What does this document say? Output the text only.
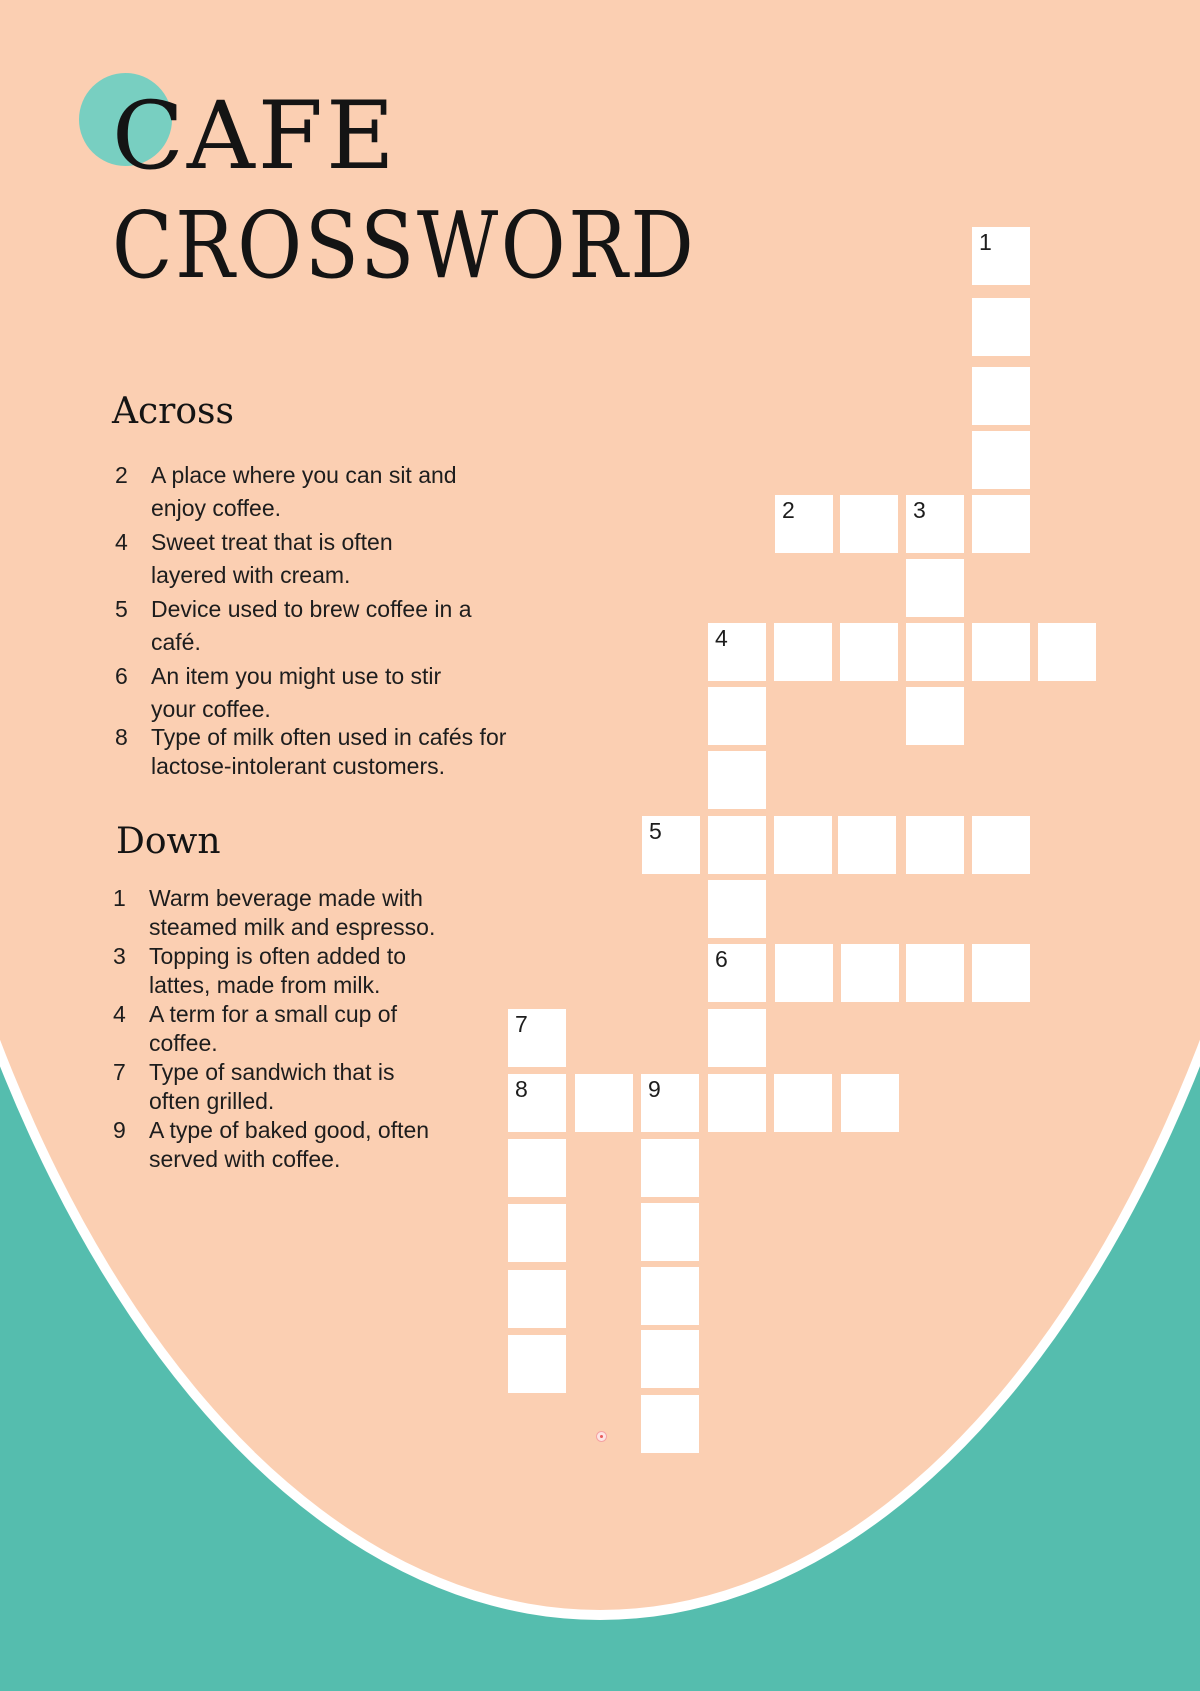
CAFE
CROSSWORD
Across
2 A place where you can sit and enjoy coffee.
4 Sweet treat that is often layered with cream.
5 Device used to brew coffee in a café.
6 An item you might use to stir your coffee.
8 Type of milk often used in cafés for lactose-intolerant customers.
Down
1 Warm beverage made with steamed milk and espresso.
3 Topping is often added to lattes, made from milk.
4 A term for a small cup of coffee.
7 Type of sandwich that is often grilled.
9 A type of baked good, often served with coffee.
1
2	3
4
5
6
7
8	9
